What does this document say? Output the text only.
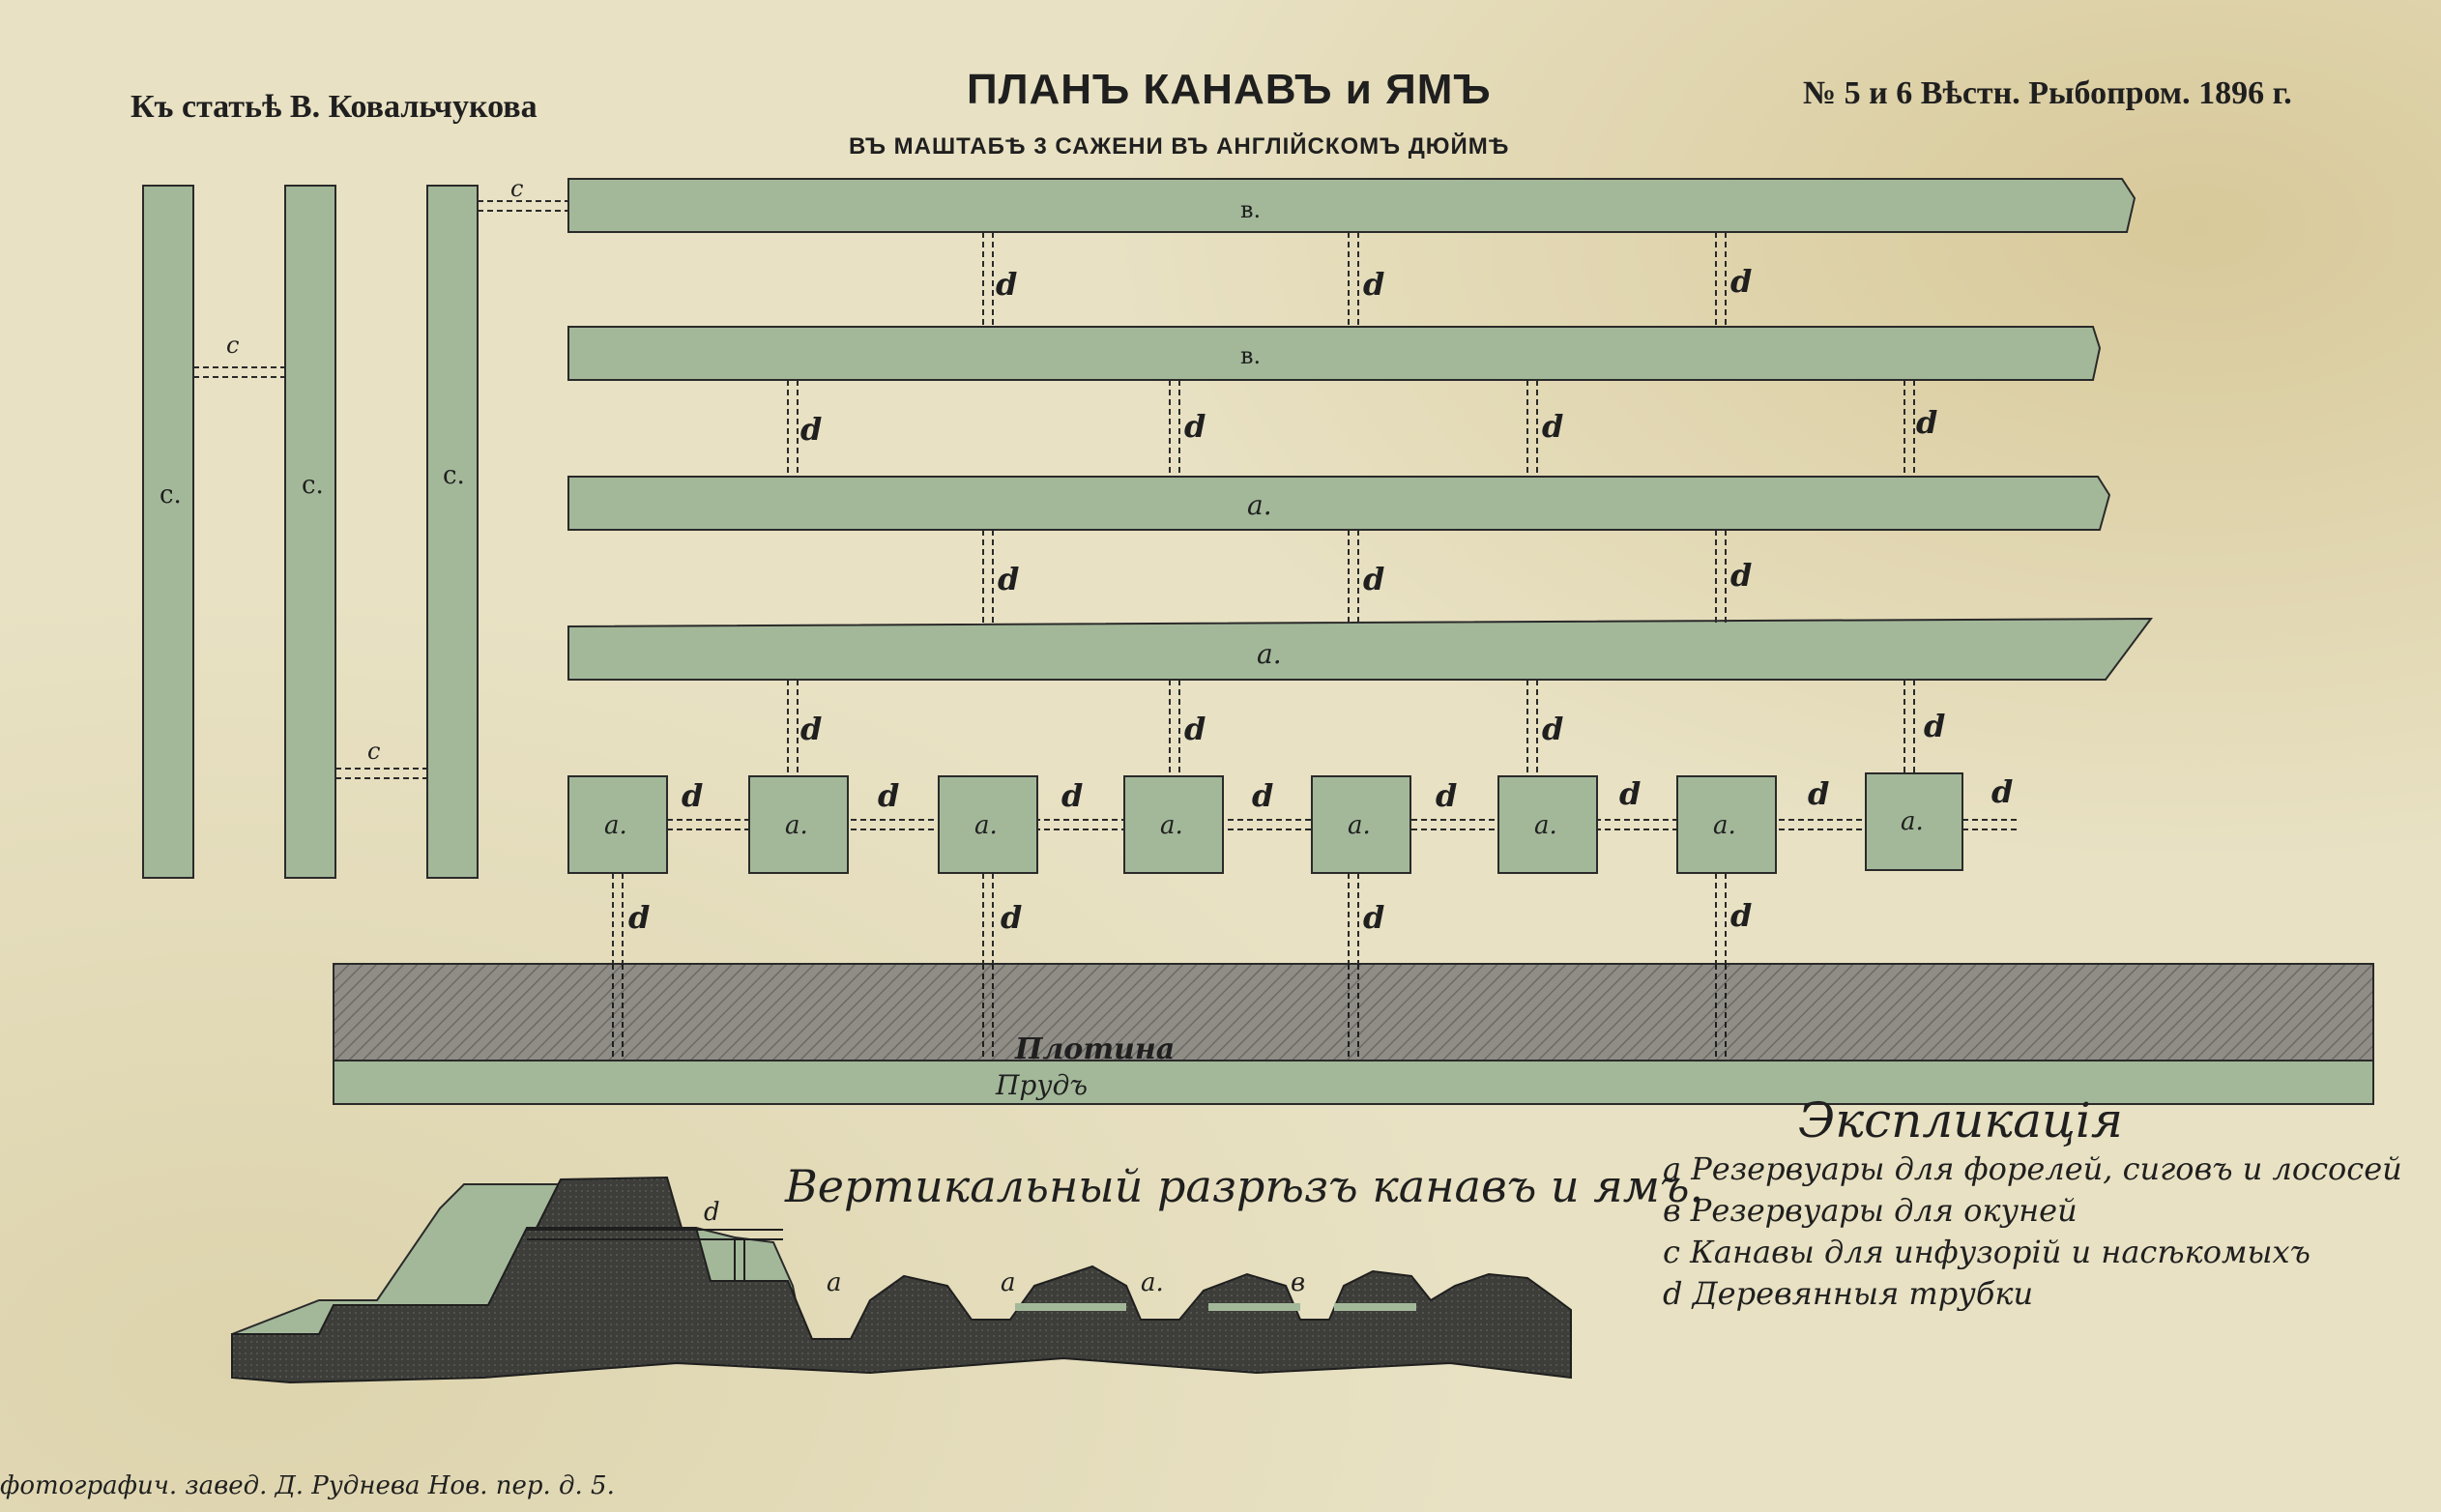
Къ статьѣ В. Ковальчукова	ПЛАНЪ КАНАВЪ и ЯМЪ
ВЪ МАШТАБѢ 3 САЖЕНИ ВЪ АНГЛІЙСКОМЪ ДЮЙМѢ
№ 5 и 6 Вѣстн. Рыбопром. 1896 г.
в.
в.
a.
a.
с.	с.	с.
c
c
c
d	d	d
d	d	d	d
d	d	d
d	d	d	d
d	d	d	d	d	d	d	d
d	d	d	d
a.	a.	a.	a.	a.	a.	a.	a.
Плотина
Прудъ
a	a	a.	в
d Вертикальный разрѣзъ канавъ и ямъ.
Экспликація
a Резервуары для форелей, сиговъ и лососей
в Резервуары для окуней
с Канавы для инфузорій и насѣкомыхъ
d Деревянныя трубки
фотографич. завед. Д. Руднева Нов. пер. д. 5.
